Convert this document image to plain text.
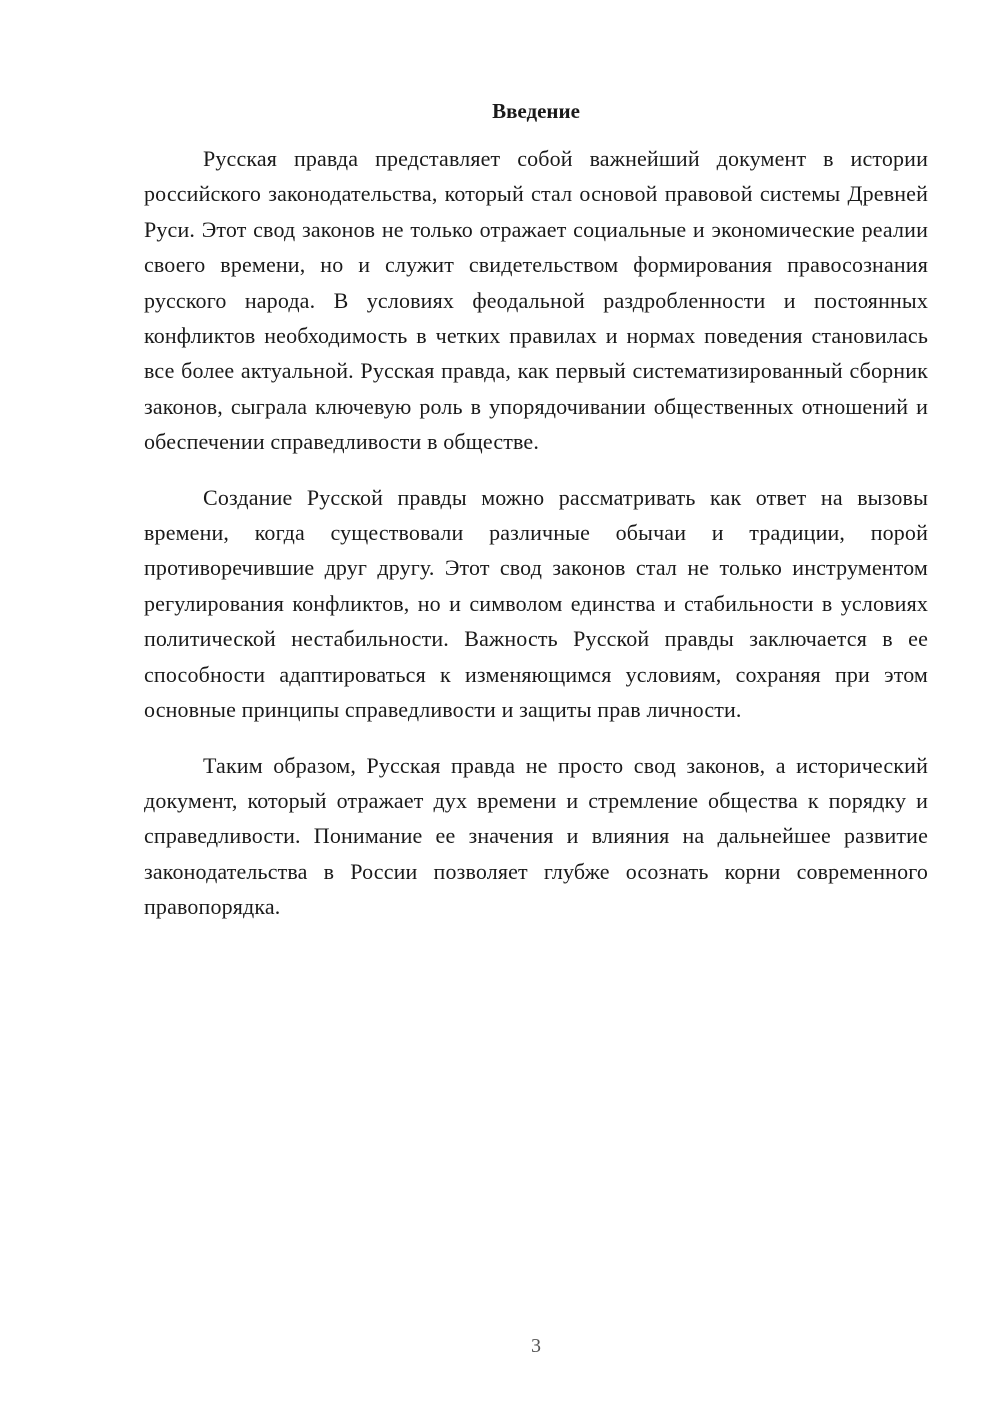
Введение

Русская правда представляет собой важнейший документ в истории российского законодательства, который стал основой правовой системы Древней Руси. Этот свод законов не только отражает социальные и экономические реалии своего времени, но и служит свидетельством формирования правосознания русского народа. В условиях феодальной раздробленности и постоянных конфликтов необходимость в четких правилах и нормах поведения становилась все более актуальной. Русская правда, как первый систематизированный сборник законов, сыграла ключевую роль в упорядочивании общественных отношений и обеспечении справедливости в обществе.

Создание Русской правды можно рассматривать как ответ на вызовы времени, когда существовали различные обычаи и традиции, порой противоречившие друг другу. Этот свод законов стал не только инструментом регулирования конфликтов, но и символом единства и стабильности в условиях политической нестабильности. Важность Русской правды заключается в ее способности адаптироваться к изменяющимся условиям, сохраняя при этом основные принципы справедливости и защиты прав личности.

Таким образом, Русская правда не просто свод законов, а исторический документ, который отражает дух времени и стремление общества к порядку и справедливости. Понимание ее значения и влияния на дальнейшее развитие законодательства в России позволяет глубже осознать корни современного правопорядка.

3
